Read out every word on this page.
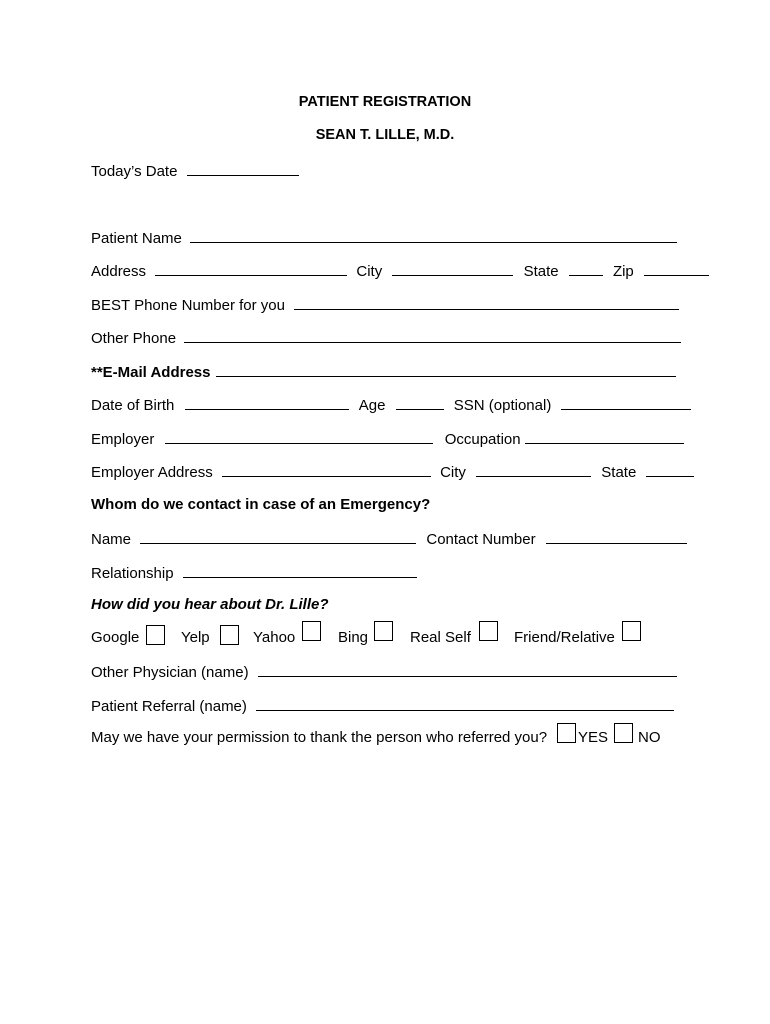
PATIENT REGISTRATION
SEAN T. LILLE, M.D.
Today’s Date
Patient Name
Address	City	State	Zip
BEST Phone Number for you
Other Phone
**E-Mail Address
Date of Birth	Age	SSN (optional)
Employer	Occupation
Employer Address	City	State
Whom do we contact in case of an Emergency?
Name	Contact Number
Relationship
How did you hear about Dr. Lille?
Google	Yelp	Yahoo	Bing	Real Self	Friend/Relative
Other Physician (name)
Patient Referral (name)
May we have your permission to thank the person who referred you? YES NO
